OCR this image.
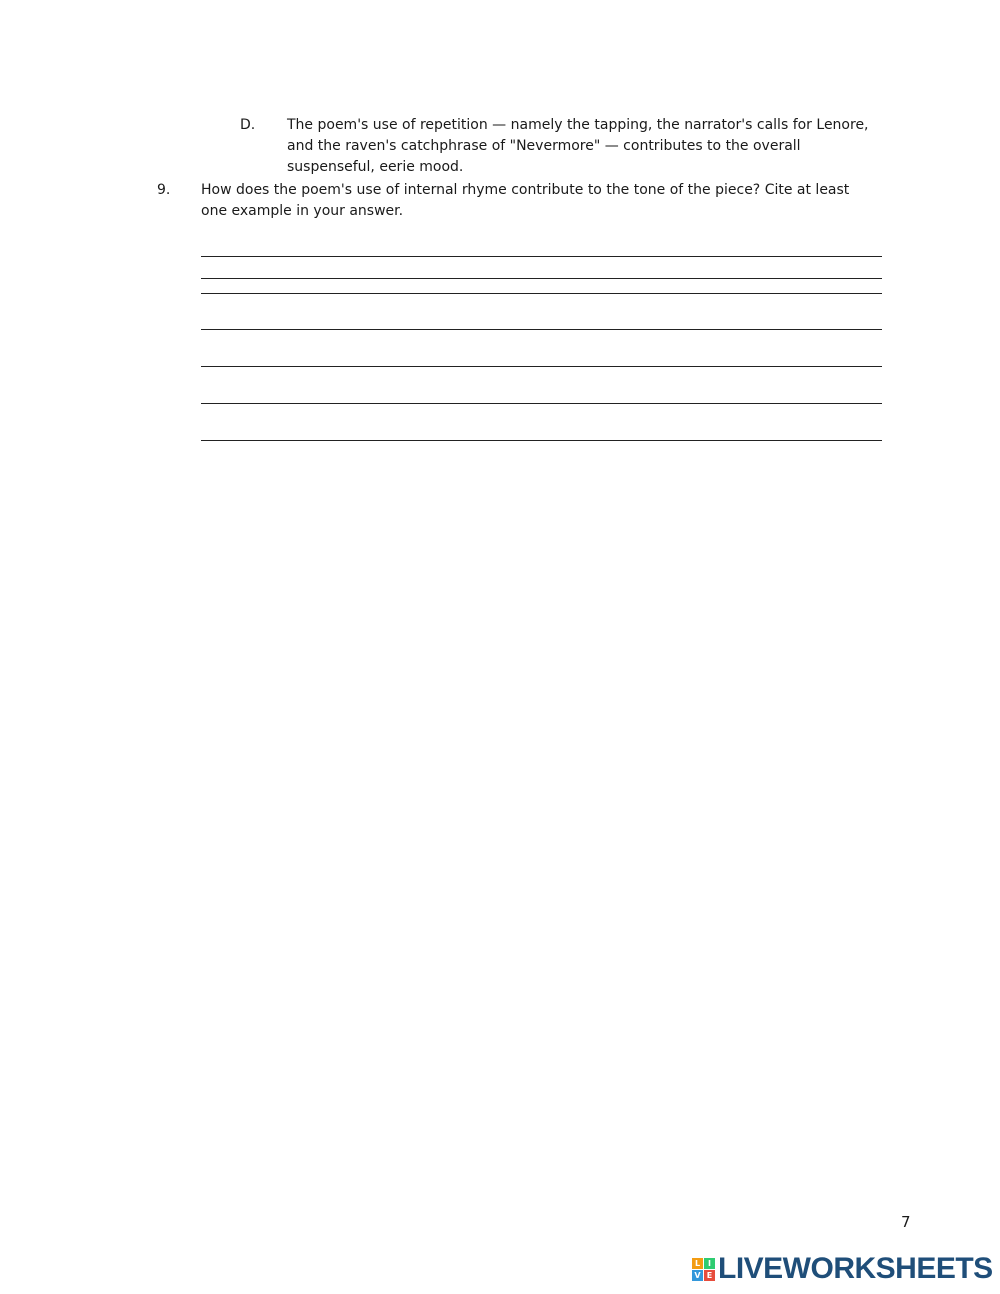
D. The poem's use of repetition — namely the tapping, the narrator's calls for Lenore, and the raven's catchphrase of "Nevermore" — contributes to the overall suspenseful, eerie mood.
9. How does the poem's use of internal rhyme contribute to the tone of the piece? Cite at least one example in your answer.
7
L I
V E LIVEWORKSHEETS
